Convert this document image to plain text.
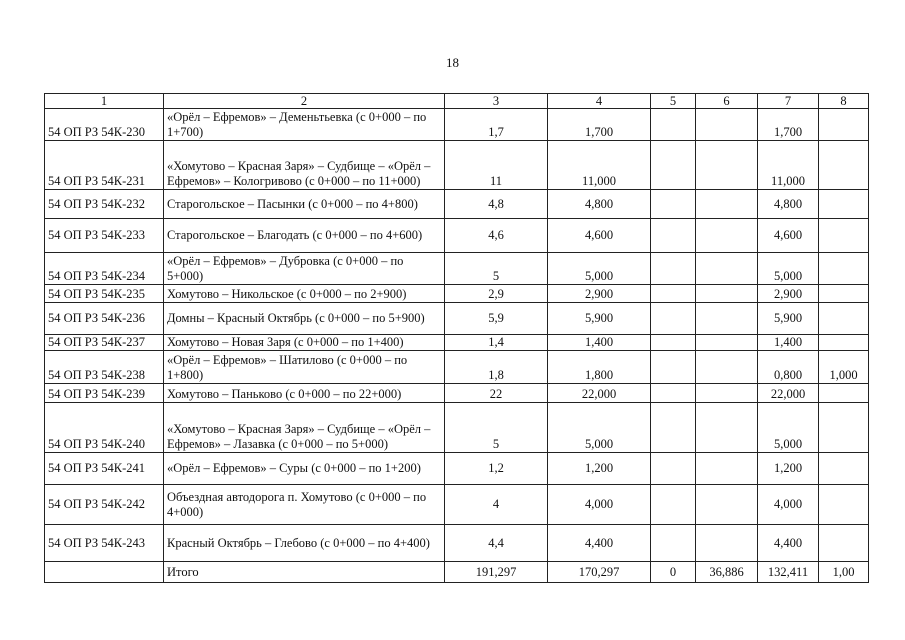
18
1	2	3	4	5	6	7	8
54 ОП РЗ 54К-230	«Орёл – Ефремов» – Деменьтьевка (с 0+000 – по 1+700)	1,7	1,700			1,700	
54 ОП РЗ 54К-231	«Хомутово – Красная Заря» – Судбище – «Орёл – Ефремов» – Кологривово (с 0+000 – по 11+000)	11	11,000			11,000	
54 ОП РЗ 54К-232	Старогольское – Пасынки (с 0+000 – по 4+800)	4,8	4,800			4,800	
54 ОП РЗ 54К-233	Старогольское – Благодать (с 0+000 – по 4+600)	4,6	4,600			4,600	
54 ОП РЗ 54К-234	«Орёл – Ефремов» – Дубровка (с 0+000 – по 5+000)	5	5,000			5,000	
54 ОП РЗ 54К-235	Хомутово – Никольское (с 0+000 – по 2+900)	2,9	2,900			2,900	
54 ОП РЗ 54К-236	Домны – Красный Октябрь (с 0+000 – по 5+900)	5,9	5,900			5,900	
54 ОП РЗ 54К-237	Хомутово – Новая Заря (с 0+000 – по 1+400)	1,4	1,400			1,400	
54 ОП РЗ 54К-238	«Орёл – Ефремов» – Шатилово (с 0+000 – по 1+800)	1,8	1,800			0,800	1,000
54 ОП РЗ 54К-239	Хомутово – Паньково (с 0+000 – по 22+000)	22	22,000			22,000	
54 ОП РЗ 54К-240	«Хомутово – Красная Заря» – Судбище – «Орёл – Ефремов» – Лазавка (с 0+000 – по 5+000)	5	5,000			5,000	
54 ОП РЗ 54К-241	«Орёл – Ефремов» – Суры (с 0+000 – по 1+200)	1,2	1,200			1,200	
54 ОП РЗ 54К-242	Объездная автодорога п. Хомутово (с 0+000 – по 4+000)	4	4,000			4,000	
54 ОП РЗ 54К-243	Красный Октябрь – Глебово (с 0+000 – по 4+400)	4,4	4,400			4,400	
	Итого	191,297	170,297	0	36,886	132,411	1,00
